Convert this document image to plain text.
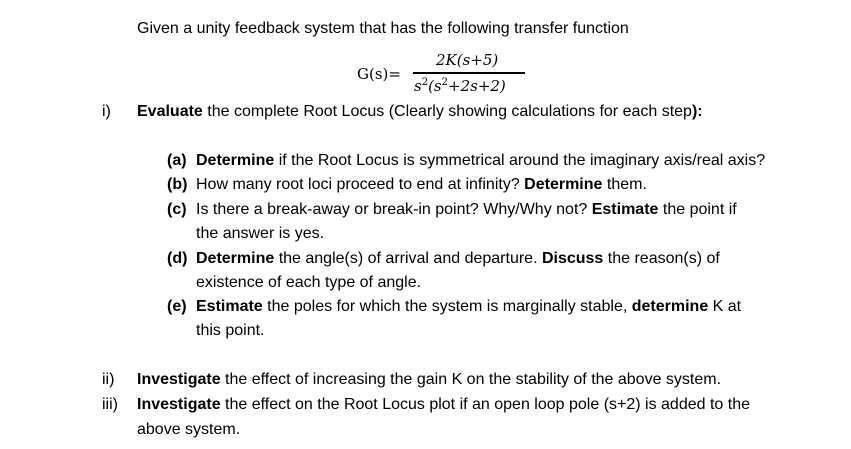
Given a unity feedback system that has the following transfer function
G(s)=
2K(s+5)
$s^2(s^2+2s+2)$
i) Evaluate the complete Root Locus (Clearly showing calculations for each step):
(a) Determine if the Root Locus is symmetrical around the imaginary axis/real axis?
(b) How many root loci proceed to end at infinity? Determine them.
(c) Is there a break-away or break-in point? Why/Why not? Estimate the point if
the answer is yes.
(d) Determine the angle(s) of arrival and departure. Discuss the reason(s) of
existence of each type of angle.
(e) Estimate the poles for which the system is marginally stable, determine K at
this point.
ii) Investigate the effect of increasing the gain K on the stability of the above system.
iii) Investigate the effect on the Root Locus plot if an open loop pole (s+2) is added to the
above system.
